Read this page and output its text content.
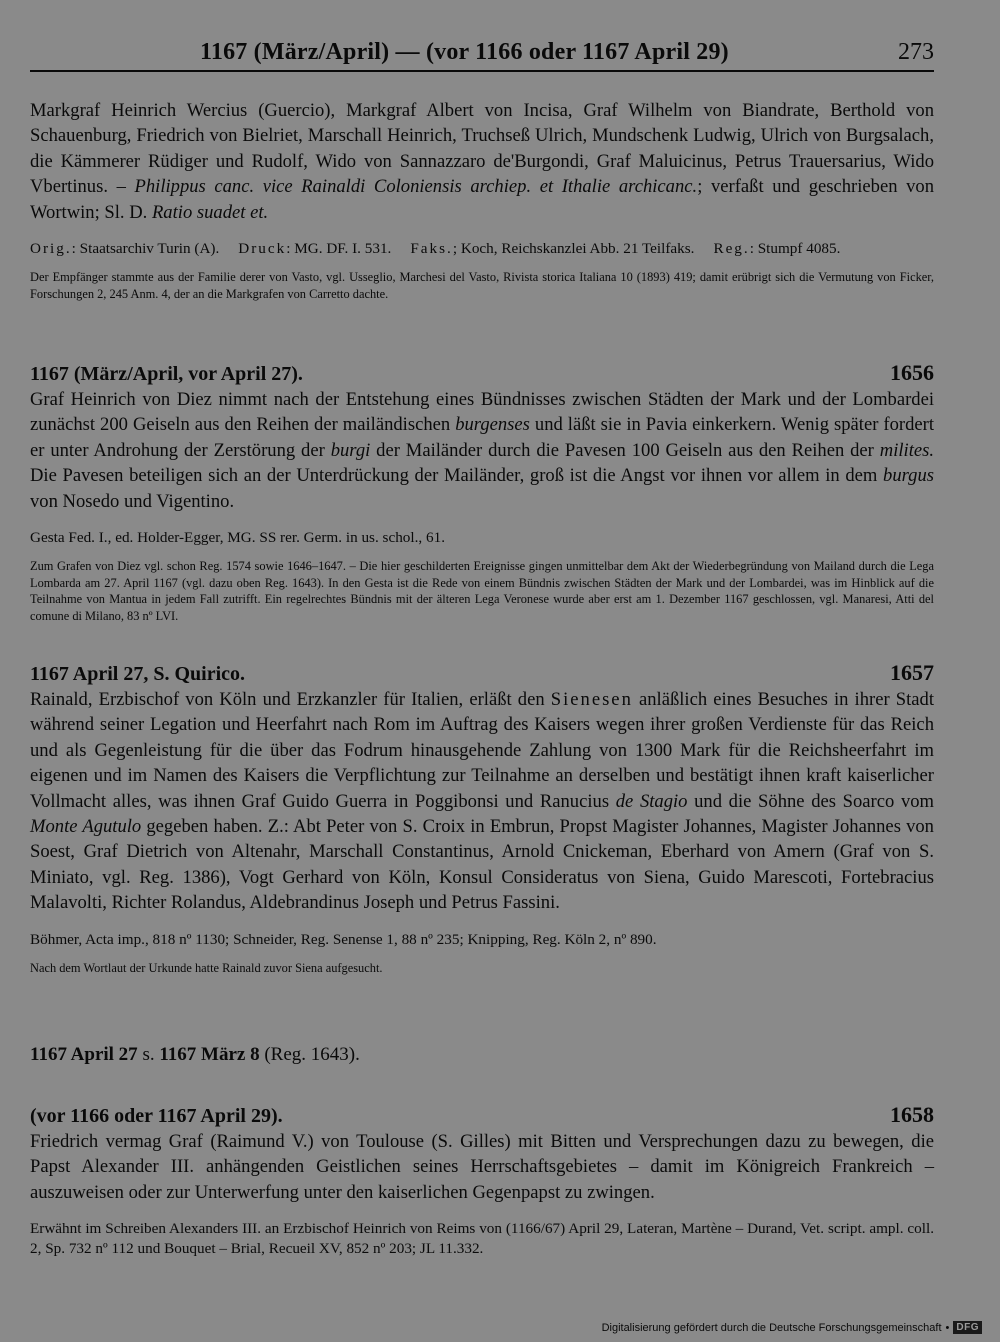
1167 (März/April) — (vor 1166 oder 1167 April 29)	273

Markgraf Heinrich Wercius (Guercio), Markgraf Albert von Incisa, Graf Wilhelm von Biandrate, Berthold von Schauenburg, Friedrich von Bielriet, Marschall Heinrich, Truchseß Ulrich, Mundschenk Ludwig, Ulrich von Burgsalach, die Kämmerer Rüdiger und Rudolf, Wido von Sannazzaro de'Burgondi, Graf Maluicinus, Petrus Trauersarius, Wido Vbertinus. – Philippus canc. vice Rainaldi Coloniensis archiep. et Ithalie archicanc.; verfaßt und geschrieben von Wortwin; Sl. D. Ratio suadet et.

Orig.: Staatsarchiv Turin (A). Druck: MG. DF. I. 531. Faks.; Koch, Reichskanzlei Abb. 21 Teilfaks. Reg.: Stumpf 4085.

Der Empfänger stammte aus der Familie derer von Vasto, vgl. Usseglio, Marchesi del Vasto, Rivista storica Italiana 10 (1893) 419; damit erübrigt sich die Vermutung von Ficker, Forschungen 2, 245 Anm. 4, der an die Markgrafen von Carretto dachte.

1167 (März/April, vor April 27).	1656

Graf Heinrich von Diez nimmt nach der Entstehung eines Bündnisses zwischen Städten der Mark und der Lombardei zunächst 200 Geiseln aus den Reihen der mailändischen burgenses und läßt sie in Pavia einkerkern. Wenig später fordert er unter Androhung der Zerstörung der burgi der Mailänder durch die Pavesen 100 Geiseln aus den Reihen der milites. Die Pavesen beteiligen sich an der Unterdrückung der Mailänder, groß ist die Angst vor ihnen vor allem in dem burgus von Nosedo und Vigentino.

Gesta Fed. I., ed. Holder-Egger, MG. SS rer. Germ. in us. schol., 61.

Zum Grafen von Diez vgl. schon Reg. 1574 sowie 1646–1647. – Die hier geschilderten Ereignisse gingen unmittelbar dem Akt der Wiederbegründung von Mailand durch die Lega Lombarda am 27. April 1167 (vgl. dazu oben Reg. 1643). In den Gesta ist die Rede von einem Bündnis zwischen Städten der Mark und der Lombardei, was im Hinblick auf die Teilnahme von Mantua in jedem Fall zutrifft. Ein regelrechtes Bündnis mit der älteren Lega Veronese wurde aber erst am 1. Dezember 1167 geschlossen, vgl. Manaresi, Atti del comune di Milano, 83 nº LVI.

1167 April 27, S. Quirico.	1657

Rainald, Erzbischof von Köln und Erzkanzler für Italien, erläßt den Sienesen anläßlich eines Besuches in ihrer Stadt während seiner Legation und Heerfahrt nach Rom im Auftrag des Kaisers wegen ihrer großen Verdienste für das Reich und als Gegenleistung für die über das Fodrum hinausgehende Zahlung von 1300 Mark für die Reichsheerfahrt im eigenen und im Namen des Kaisers die Verpflichtung zur Teilnahme an derselben und bestätigt ihnen kraft kaiserlicher Vollmacht alles, was ihnen Graf Guido Guerra in Poggibonsi und Ranucius de Stagio und die Söhne des Soarco vom Monte Agutulo gegeben haben. Z.: Abt Peter von S. Croix in Embrun, Propst Magister Johannes, Magister Johannes von Soest, Graf Dietrich von Altenahr, Marschall Constantinus, Arnold Cnickeman, Eberhard von Amern (Graf von S. Miniato, vgl. Reg. 1386), Vogt Gerhard von Köln, Konsul Consideratus von Siena, Guido Marescoti, Fortebracius Malavolti, Richter Rolandus, Aldebrandinus Joseph und Petrus Fassini.

Böhmer, Acta imp., 818 nº 1130; Schneider, Reg. Senense 1, 88 nº 235; Knipping, Reg. Köln 2, nº 890.

Nach dem Wortlaut der Urkunde hatte Rainald zuvor Siena aufgesucht.

1167 April 27 s. 1167 März 8 (Reg. 1643).

(vor 1166 oder 1167 April 29).	1658

Friedrich vermag Graf (Raimund V.) von Toulouse (S. Gilles) mit Bitten und Versprechungen dazu zu bewegen, die Papst Alexander III. anhängenden Geistlichen seines Herrschaftsgebietes – damit im Königreich Frankreich – auszuweisen oder zur Unterwerfung unter den kaiserlichen Gegenpapst zu zwingen.

Erwähnt im Schreiben Alexanders III. an Erzbischof Heinrich von Reims von (1166/67) April 29, Lateran, Martène – Durand, Vet. script. ampl. coll. 2, Sp. 732 nº 112 und Bouquet – Brial, Recueil XV, 852 nº 203; JL 11.332.

Digitalisierung gefördert durch die Deutsche Forschungsgemeinschaft • DFG
